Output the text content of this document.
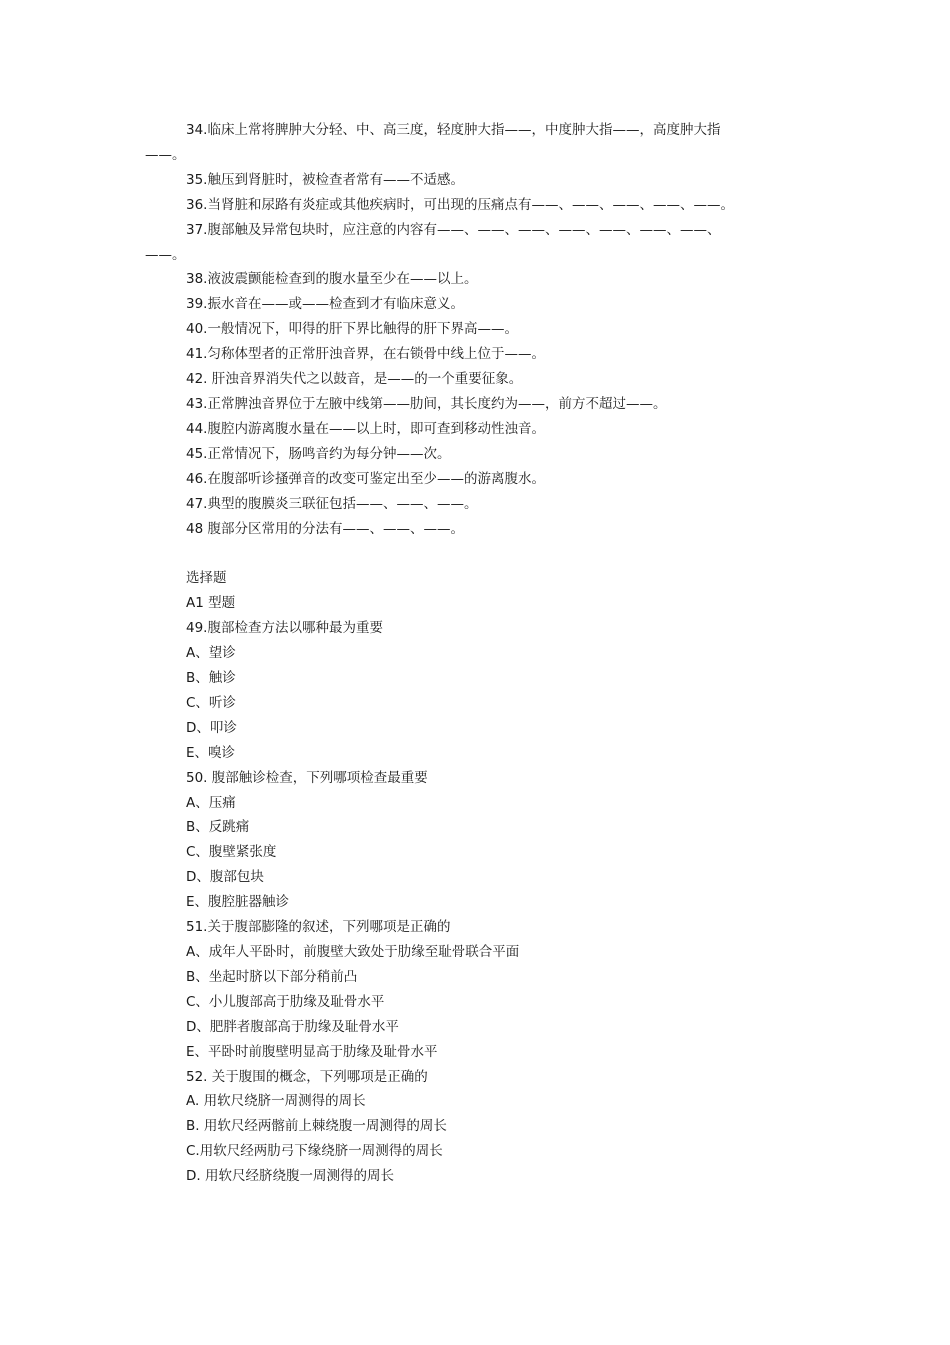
34.临床上常将脾肿大分轻、中、高三度，轻度肿大指——，中度肿大指——，高度肿大指——。

35.触压到肾脏时，被检查者常有——不适感。

36.当肾脏和尿路有炎症或其他疾病时，可出现的压痛点有——、——、——、——、——。

37.腹部触及异常包块时，应注意的内容有——、——、——、——、——、——、——、——。

38.液波震颤能检查到的腹水量至少在——以上。

39.振水音在——或——检查到才有临床意义。

40.一般情况下，叩得的肝下界比触得的肝下界高——。

41.匀称体型者的正常肝浊音界，在右锁骨中线上位于——。

42. 肝浊音界消失代之以鼓音，是——的一个重要征象。

43.正常脾浊音界位于左腋中线第——肋间，其长度约为——，前方不超过——。

44.腹腔内游离腹水量在——以上时，即可查到移动性浊音。

45.正常情况下，肠鸣音约为每分钟——次。

46.在腹部听诊搔弹音的改变可鉴定出至少——的游离腹水。

47.典型的腹膜炎三联征包括——、——、——。

48 腹部分区常用的分法有——、——、——。

选择题

A1 型题

49.腹部检查方法以哪种最为重要

A、望诊

B、触诊

C、听诊

D、叩诊

E、嗅诊

50. 腹部触诊检查，下列哪项检查最重要

A、压痛

B、反跳痛

C、腹壁紧张度

D、腹部包块

E、腹腔脏器触诊

51.关于腹部膨隆的叙述，下列哪项是正确的

A、成年人平卧时，前腹壁大致处于肋缘至耻骨联合平面

B、坐起时脐以下部分稍前凸

C、小儿腹部高于肋缘及耻骨水平

D、肥胖者腹部高于肋缘及耻骨水平

E、平卧时前腹壁明显高于肋缘及耻骨水平

52. 关于腹围的概念，下列哪项是正确的

A. 用软尺绕脐一周测得的周长

B. 用软尺经两髂前上棘绕腹一周测得的周长

C.用软尺经两肋弓下缘绕脐一周测得的周长

D. 用软尺经脐绕腹一周测得的周长
